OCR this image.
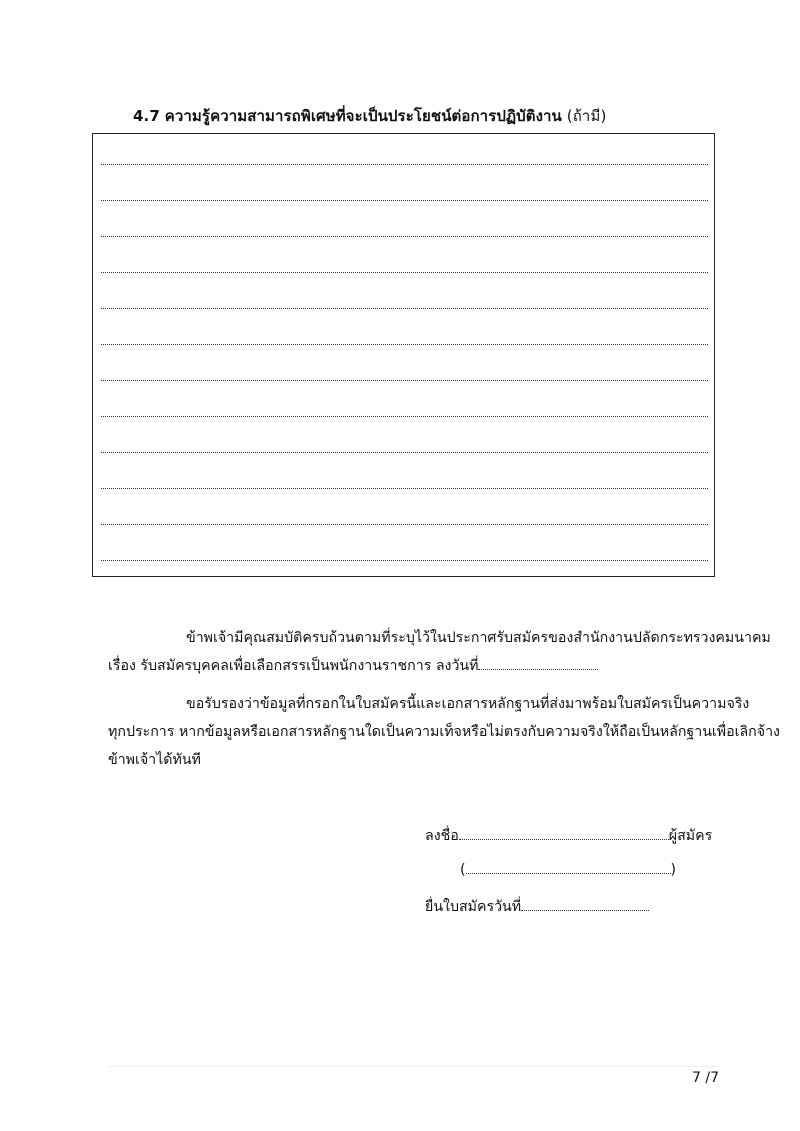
4.7 ความรู้ความสามารถพิเศษที่จะเป็นประโยชน์ต่อการปฏิบัติงาน (ถ้ามี)
ข้าพเจ้ามีคุณสมบัติครบถ้วนตามที่ระบุไว้ในประกาศรับสมัครของสำนักงานปลัดกระทรวงคมนาคม
เรื่อง รับสมัครบุคคลเพื่อเลือกสรรเป็นพนักงานราชการ ลงวันที่
ขอรับรองว่าข้อมูลที่กรอกในใบสมัครนี้และเอกสารหลักฐานที่ส่งมาพร้อมใบสมัครเป็นความจริง
ทุกประการ หากข้อมูลหรือเอกสารหลักฐานใดเป็นความเท็จหรือไม่ตรงกับความจริงให้ถือเป็นหลักฐานเพื่อเลิกจ้าง
ข้าพเจ้าได้ทันที
ลงชื่อ	ผู้สมัคร
(	)
ยื่นใบสมัครวันที่
7 /7
